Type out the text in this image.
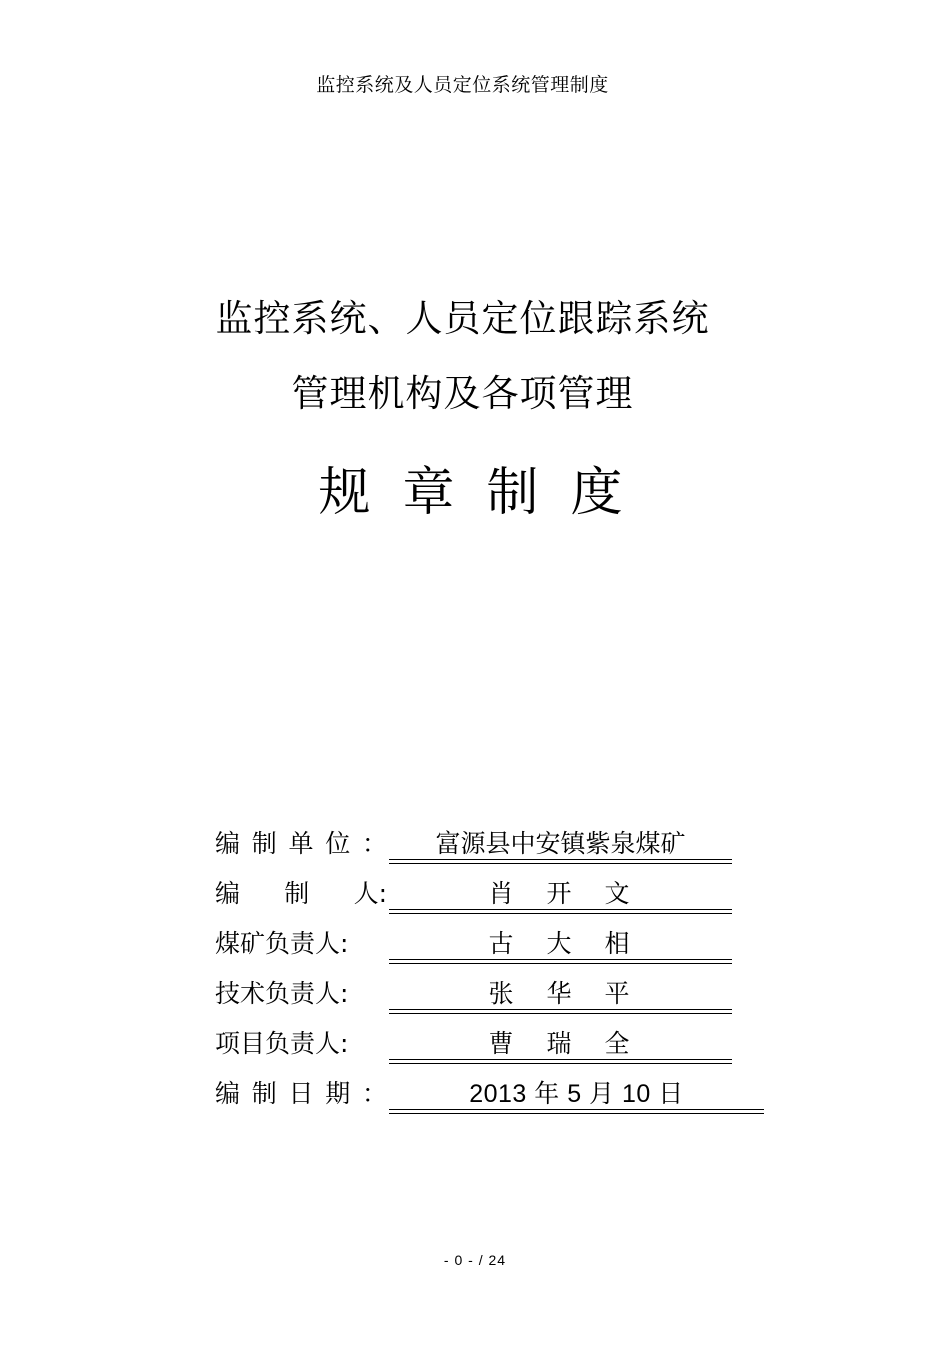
监控系统及人员定位系统管理制度
监控系统、人员定位跟踪系统
管理机构及各项管理
规章制度
编 制 单 位 ：	富源县中安镇紫泉煤矿
编 制 人:	肖开文
煤矿负责人:	古大相
技术负责人:	张华平
项目负责人:	曹瑞全
编 制 日 期 ：	2013 年 5 月 10 日
- 0 - / 24
